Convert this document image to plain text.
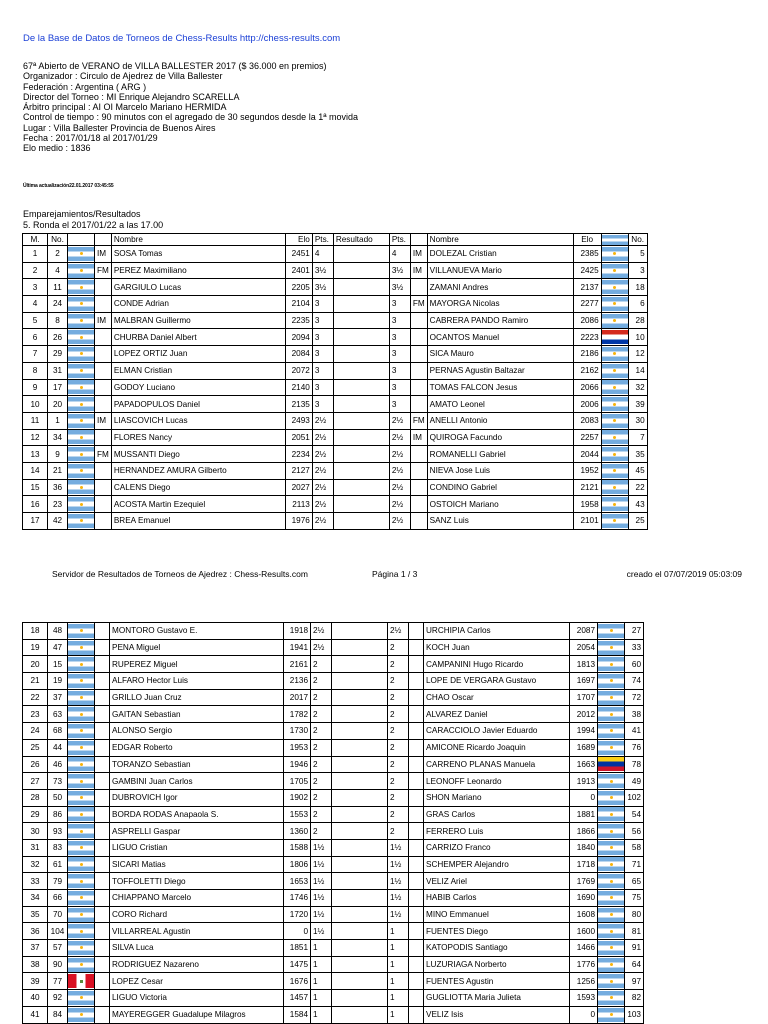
De la Base de Datos de Torneos de Chess-Results http://chess-results.com
67ª Abierto de VERANO de VILLA BALLESTER 2017 ($ 36.000 en premios)
Organizador : Circulo de Ajedrez de Villa Ballester
Federación : Argentina ( ARG )
Director del Torneo : MI Enrique Alejandro SCARELLA
Árbitro principal : AI OI Marcelo Mariano HERMIDA
Control de tiempo : 90 minutos con el agregado de 30 segundos desde la 1ª movida
Lugar : Villa Ballester Provincia de Buenos Aires
Fecha : 2017/01/18 al 2017/01/29
Elo medio : 1836
Última actualización22.01.2017 03:45:55
Emparejamientos/Resultados
5. Ronda el 2017/01/22 a las 17.00
M.	No.			Nombre	Elo	Pts.	Resultado	Pts.		Nombre	Elo		No.
1	2		IM	SOSA Tomas	2451	4		4	IM	DOLEZAL Cristian	2385		5
2	4		FM	PEREZ Maximiliano	2401	3½		3½	IM	VILLANUEVA Mario	2425		3
3	11			GARGIULO Lucas	2205	3½		3½		ZAMANI Andres	2137		18
4	24			CONDE Adrian	2104	3		3	FM	MAYORGA Nicolas	2277		6
5	8		IM	MALBRAN Guillermo	2235	3		3		CABRERA PANDO Ramiro	2086		28
6	26			CHURBA Daniel Albert	2094	3		3		OCANTOS Manuel	2223		10
7	29			LOPEZ ORTIZ Juan	2084	3		3		SICA Mauro	2186		12
8	31			ELMAN Cristian	2072	3		3		PERNAS Agustin Baltazar	2162		14
9	17			GODOY Luciano	2140	3		3		TOMAS FALCON Jesus	2066		32
10	20			PAPADOPULOS Daniel	2135	3		3		AMATO Leonel	2006		39
11	1		IM	LIASCOVICH Lucas	2493	2½		2½	FM	ANELLI Antonio	2083		30
12	34			FLORES Nancy	2051	2½		2½	IM	QUIROGA Facundo	2257		7
13	9		FM	MUSSANTI Diego	2234	2½		2½		ROMANELLI Gabriel	2044		35
14	21			HERNANDEZ AMURA Gilberto	2127	2½		2½		NIEVA Jose Luis	1952		45
15	36			CALENS Diego	2027	2½		2½		CONDINO Gabriel	2121		22
16	23			ACOSTA Martin Ezequiel	2113	2½		2½		OSTOICH Mariano	1958		43
17	42			BREA Emanuel	1976	2½		2½		SANZ Luis	2101		25
Servidor de Resultados de Torneos de Ajedrez : Chess-Results.com	Página 1 / 3	creado el 07/07/2019 05:03:09
18	48			MONTORO Gustavo E.	1918	2½		2½		URCHIPIA Carlos	2087		27
19	47			PENA Miguel	1941	2½		2		KOCH Juan	2054		33
20	15			RUPEREZ Miguel	2161	2		2		CAMPANINI Hugo Ricardo	1813		60
21	19			ALFARO Hector Luis	2136	2		2		LOPE DE VERGARA Gustavo	1697		74
22	37			GRILLO Juan Cruz	2017	2		2		CHAO Oscar	1707		72
23	63			GAITAN Sebastian	1782	2		2		ALVAREZ Daniel	2012		38
24	68			ALONSO Sergio	1730	2		2		CARACCIOLO Javier Eduardo	1994		41
25	44			EDGAR Roberto	1953	2		2		AMICONE Ricardo Joaquin	1689		76
26	46			TORANZO Sebastian	1946	2		2		CARRENO PLANAS Manuela	1663		78
27	73			GAMBINI Juan Carlos	1705	2		2		LEONOFF Leonardo	1913		49
28	50			DUBROVICH Igor	1902	2		2		SHON Mariano	0		102
29	86			BORDA RODAS Anapaola S.	1553	2		2		GRAS Carlos	1881		54
30	93			ASPRELLI Gaspar	1360	2		2		FERRERO Luis	1866		56
31	83			LIGUO Cristian	1588	1½		1½		CARRIZO Franco	1840		58
32	61			SICARI Matias	1806	1½		1½		SCHEMPER Alejandro	1718		71
33	79			TOFFOLETTI Diego	1653	1½		1½		VELIZ Ariel	1769		65
34	66			CHIAPPANO Marcelo	1746	1½		1½		HABIB Carlos	1690		75
35	70			CORO Richard	1720	1½		1½		MINO Emmanuel	1608		80
36	104			VILLARREAL Agustin	0	1½		1		FUENTES Diego	1600		81
37	57			SILVA Luca	1851	1		1		KATOPODIS Santiago	1466		91
38	90			RODRIGUEZ Nazareno	1475	1		1		LUZURIAGA Norberto	1776		64
39	77			LOPEZ Cesar	1676	1		1		FUENTES Agustin	1256		97
40	92			LIGUO Victoria	1457	1		1		GUGLIOTTA Maria Julieta	1593		82
41	84			MAYEREGGER Guadalupe Milagros	1584	1		1		VELIZ Isis	0		103
